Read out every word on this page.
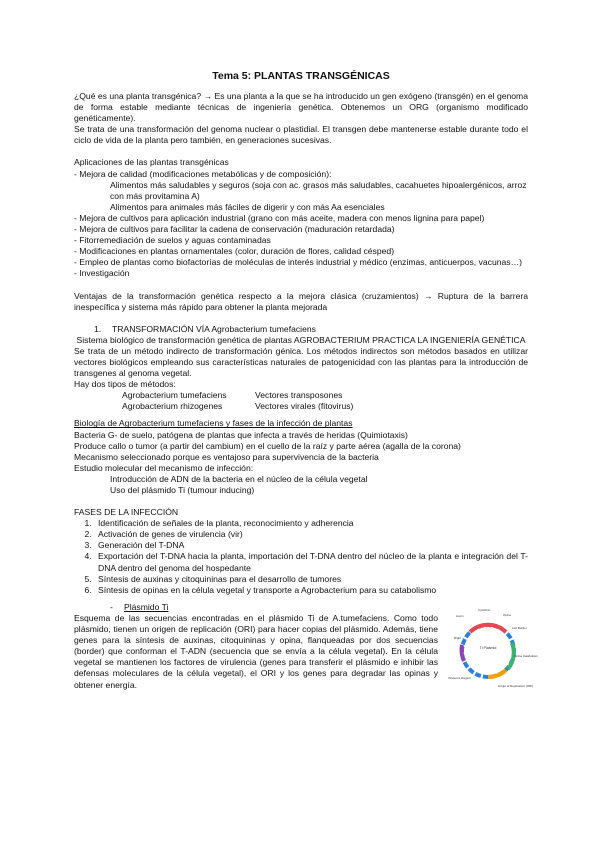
Tema 5: PLANTAS TRANSGÉNICAS

¿Qué es una planta transgénica? → Es una planta a la que se ha introducido un gen exógeno (transgén) en el genoma de forma estable mediante técnicas de ingeniería genética. Obtenemos un ORG (organismo modificado genéticamente).

Se trata de una transformación del genoma nuclear o plastidial. El transgen debe mantenerse estable durante todo el ciclo de vida de la planta pero también, en generaciones sucesivas.

Aplicaciones de las plantas transgénicas

- Mejora de calidad (modificaciones metabólicas y de composición):

Alimentos más saludables y seguros (soja con ac. grasos más saludables, cacahuetes hipoalergénicos, arroz con más provitamina A)

Alimentos para animales más fáciles de digerir y con más Aa esenciales

- Mejora de cultivos para aplicación industrial (grano con más aceite, madera con menos lignina para papel)

- Mejora de cultivos para facilitar la cadena de conservación (maduración retardada)

- Fitorremediación de suelos y aguas contaminadas

- Modificaciones en plantas ornamentales (color, duración de flores, calidad césped)

- Empleo de plantas como biofactorías de moléculas de interés industrial y médico (enzimas, anticuerpos, vacunas…)

- Investigación

Ventajas de la transformación genética respecto a la mejora clásica (cruzamientos) → Ruptura de la barrera inespecífica y sistema más rápido para obtener la planta mejorada

1.	TRANSFORMACIÓN VÍA Agrobacterium tumefaciens

Sistema biológico de transformación genética de plantas AGROBACTERIUM PRACTICA LA INGENIERÍA GENÉTICA

Se trata de un método indirecto de transformación génica. Los métodos indirectos son métodos basados en utilizar vectores biológicos empleando sus características naturales de patogenicidad con las plantas para la introducción de transgenes al genoma vegetal.

Hay dos tipos de métodos:

Agrobacterium tumefaciens	Vectores transposones
Agrobacterium rhizogenes	Vectores virales (fitovirus)

Biología de Agrobacterium tumefaciens y fases de la infección de plantas

Bacteria G- de suelo, patógena de plantas que infecta a través de heridas (Quimiotaxis)

Produce callo o tumor (a partir del cambium) en el cuello de la raíz y parte aérea (agalla de la corona)

Mecanismo seleccionado porque es ventajoso para supervivencia de la bacteria

Estudio molecular del mecanismo de infección:

Introducción de ADN de la bacteria en el núcleo de la célula vegetal

Uso del plásmido Ti (tumour inducing)

FASES DE LA INFECCIÓN

1. Identificación de señales de la planta, reconocimiento y adherencia
2. Activación de genes de virulencia (vir)
3. Generación del T-DNA
4. Exportación del T-DNA hacia la planta, importación del T-DNA dentro del núcleo de la planta e integración del T-DNA dentro del genoma del hospedante
5. Síntesis de auxinas y citoquininas para el desarrollo de tumores
6. Síntesis de opinas en la célula vegetal y transporte a Agrobacterium para su catabolismo
-	Plásmido Ti

Esquema de las secuencias encontradas en el plásmido Ti de A.tumefaciens. Como todo plásmido, tienen un origen de replicación (ORI) para hacer copias del plásmido. Además, tiene genes para la síntesis de auxinas, citoquininas y opina, flanqueadas por dos secuencias (border) que conforman el T-ADN (secuencia que se envía a la célula vegetal). En la célula vegetal se mantienen los factores de virulencia (genes para transferir el plásmido e inhibir las defensas moleculares de la célula vegetal), el ORI y los genes para degradar las opinas y obtener energía.

Ti Plasmid
Auxin
Cytokinin
Opine
Left Border
Opine Catabolism
Origin of Replication (ORI)
Virulence Region
Right
